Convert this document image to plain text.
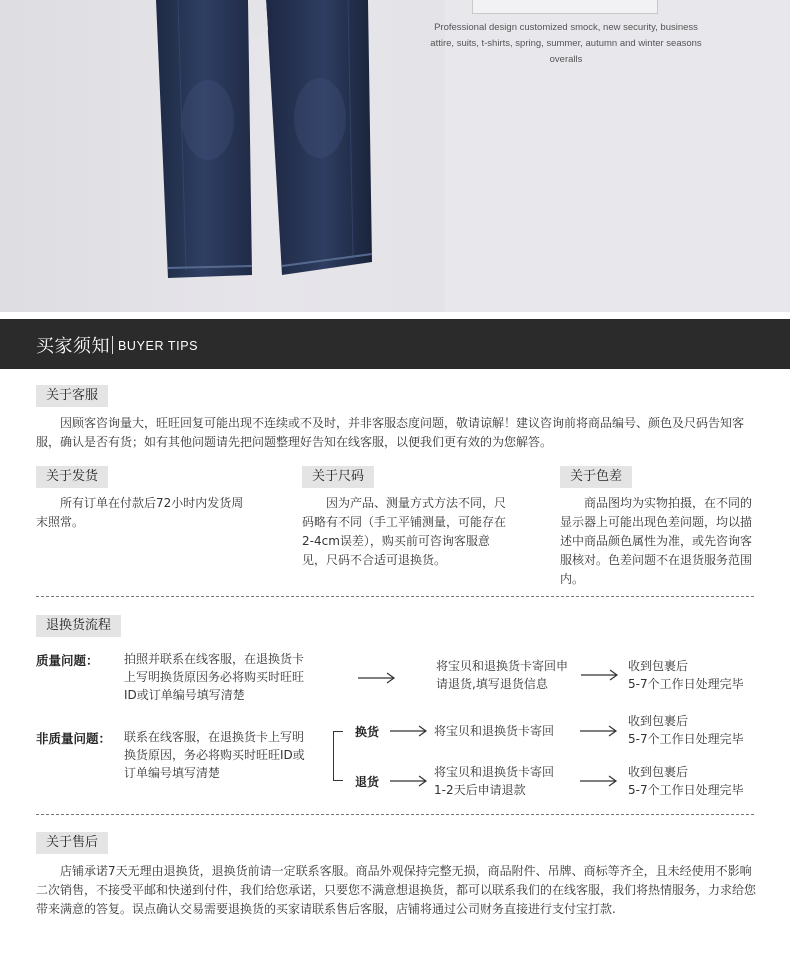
Professional design customized smock, new security, business attire, suits, t-shirts, spring, summer, autumn and winter seasons overalls
买家须知 BUYER TIPS
关于客服

因顾客咨询量大，旺旺回复可能出现不连续或不及时，并非客服态度问题，敬请谅解！建议咨询前将商品编号、颜色及尺码告知客服，确认是否有货；如有其他问题请先把问题整理好告知在线客服，以便我们更有效的为您解答。

关于发货

所有订单在付款后72小时内发货周末照常。

关于尺码

因为产品、测量方式方法不同，尺码略有不同（手工平铺测量，可能存在2-4cm误差），购买前可咨询客服意见，尺码不合适可退换货。

关于色差

商品图均为实物拍摄，在不同的显示器上可能出现色差问题，均以描述中商品颜色属性为准，或先咨询客服核对。色差问题不在退货服务范围内。

退换货流程
质量问题： 拍照并联系在线客服，在退换货卡上写明换货原因务必将购买时旺旺ID或订单编号填写清楚
将宝贝和退换货卡寄回申请退货,填写退货信息
收到包裹后
5-7个工作日处理完毕
非质量问题： 联系在线客服，在退换货卡上写明换货原因，务必将购买时旺旺ID或订单编号填写清楚
换货	将宝贝和退换货卡寄回
收到包裹后
5-7个工作日处理完毕
退货
将宝贝和退换货卡寄回
1-2天后申请退款
收到包裹后
5-7个工作日处理完毕
关于售后

店铺承诺7天无理由退换货，退换货前请一定联系客服。商品外观保持完整无损，商品附件、吊牌、商标等齐全，且未经使用不影响二次销售，不接受平邮和快递到付件，我们给您承诺，只要您不满意想退换货，都可以联系我们的在线客服，我们将热情服务，力求给您带来满意的答复。误点确认交易需要退换货的买家请联系售后客服，店铺将通过公司财务直接进行支付宝打款.
